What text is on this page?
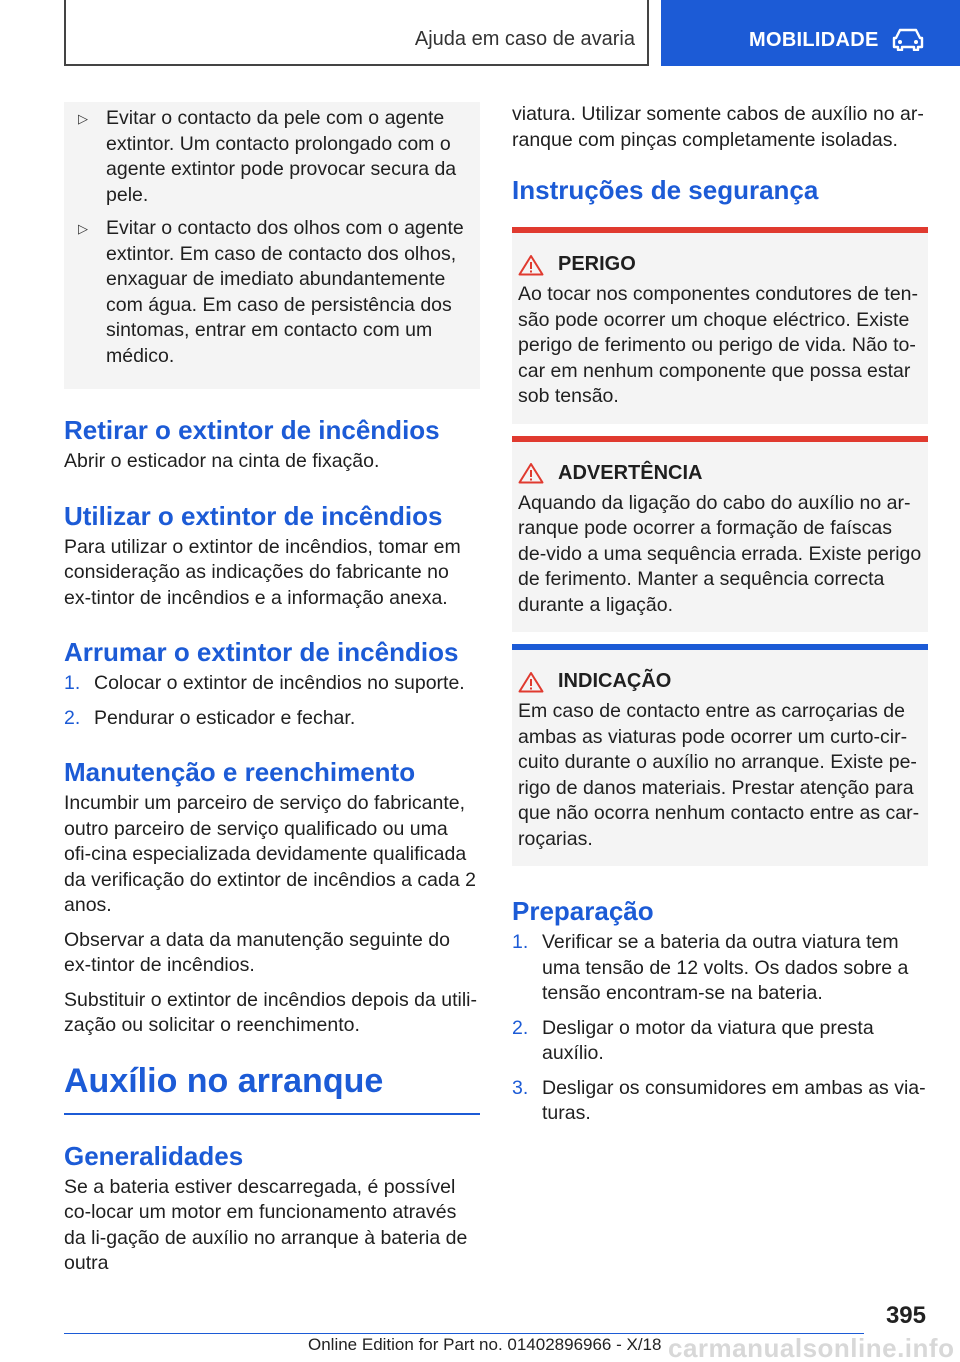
Ajuda em caso de avaria	MOBILIDADE
▷ Evitar o contacto da pele com o agente extintor. Um contacto prolongado com o agente extintor pode provocar secura da pele.
▷ Evitar o contacto dos olhos com o agente extintor. Em caso de contacto dos olhos, enxaguar de imediato abundantemente com água. Em caso de persistência dos sintomas, entrar em contacto com um médico.
Retirar o extintor de incêndios

Abrir o esticador na cinta de fixação.

Utilizar o extintor de incêndios

Para utilizar o extintor de incêndios, tomar em consideração as indicações do fabricante no ex-tintor de incêndios e a informação anexa.

Arrumar o extintor de incêndios
1. Colocar o extintor de incêndios no suporte.
2. Pendurar o esticador e fechar.
Manutenção e reenchimento

Incumbir um parceiro de serviço do fabricante, outro parceiro de serviço qualificado ou uma ofi-cina especializada devidamente qualificada da verificação do extintor de incêndios a cada 2 anos.

Observar a data da manutenção seguinte do ex-tintor de incêndios.

Substituir o extintor de incêndios depois da utili-zação ou solicitar o reenchimento.

Auxílio no arranque
Generalidades

Se a bateria estiver descarregada, é possível co-locar um motor em funcionamento através da li-gação de auxílio no arranque à bateria de outra

viatura. Utilizar somente cabos de auxílio no ar-ranque com pinças completamente isoladas.

Instruções de segurança
PERIGO

Ao tocar nos componentes condutores de ten-são pode ocorrer um choque eléctrico. Existe perigo de ferimento ou perigo de vida. Não to-car em nenhum componente que possa estar sob tensão.

ADVERTÊNCIA

Aquando da ligação do cabo do auxílio no ar-ranque pode ocorrer a formação de faíscas de-vido a uma sequência errada. Existe perigo de ferimento. Manter a sequência correcta durante a ligação.

INDICAÇÃO

Em caso de contacto entre as carroçarias de ambas as viaturas pode ocorrer um curto-cir-cuito durante o auxílio no arranque. Existe pe-rigo de danos materiais. Prestar atenção para que não ocorra nenhum contacto entre as car-roçarias.

Preparação
1. Verificar se a bateria da outra viatura tem uma tensão de 12 volts. Os dados sobre a tensão encontram-se na bateria.
2. Desligar o motor da viatura que presta auxílio.
3. Desligar os consumidores em ambas as via-turas.
395
Online Edition for Part no. 01402896966 - X/18 carmanualsonline.info
